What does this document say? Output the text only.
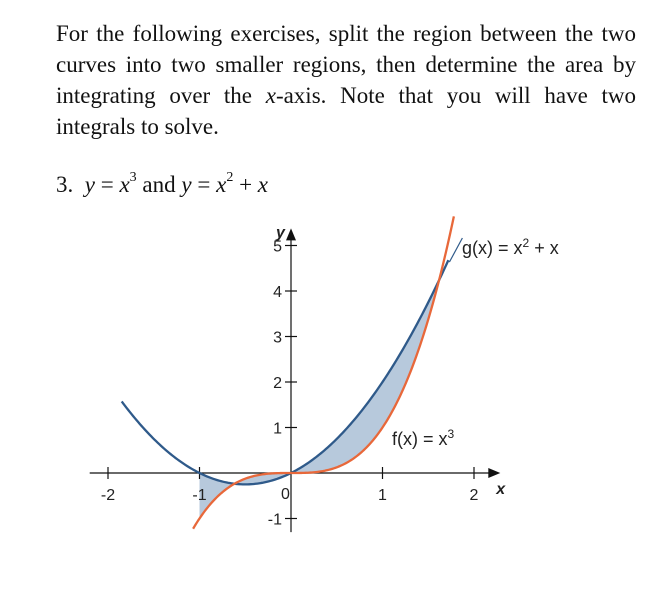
For the following exercises, split the region between the two curves into two smaller regions, then determine the area by integrating over the x-axis. Note that you will have two integrals to solve.
3. $y = x^3$ and $y = x^2 + x$
-2	-1	1	2
-1
1
2
3
4
5
0
y
x
g(x) = x$^2$ + x
f(x) = x$^3$
